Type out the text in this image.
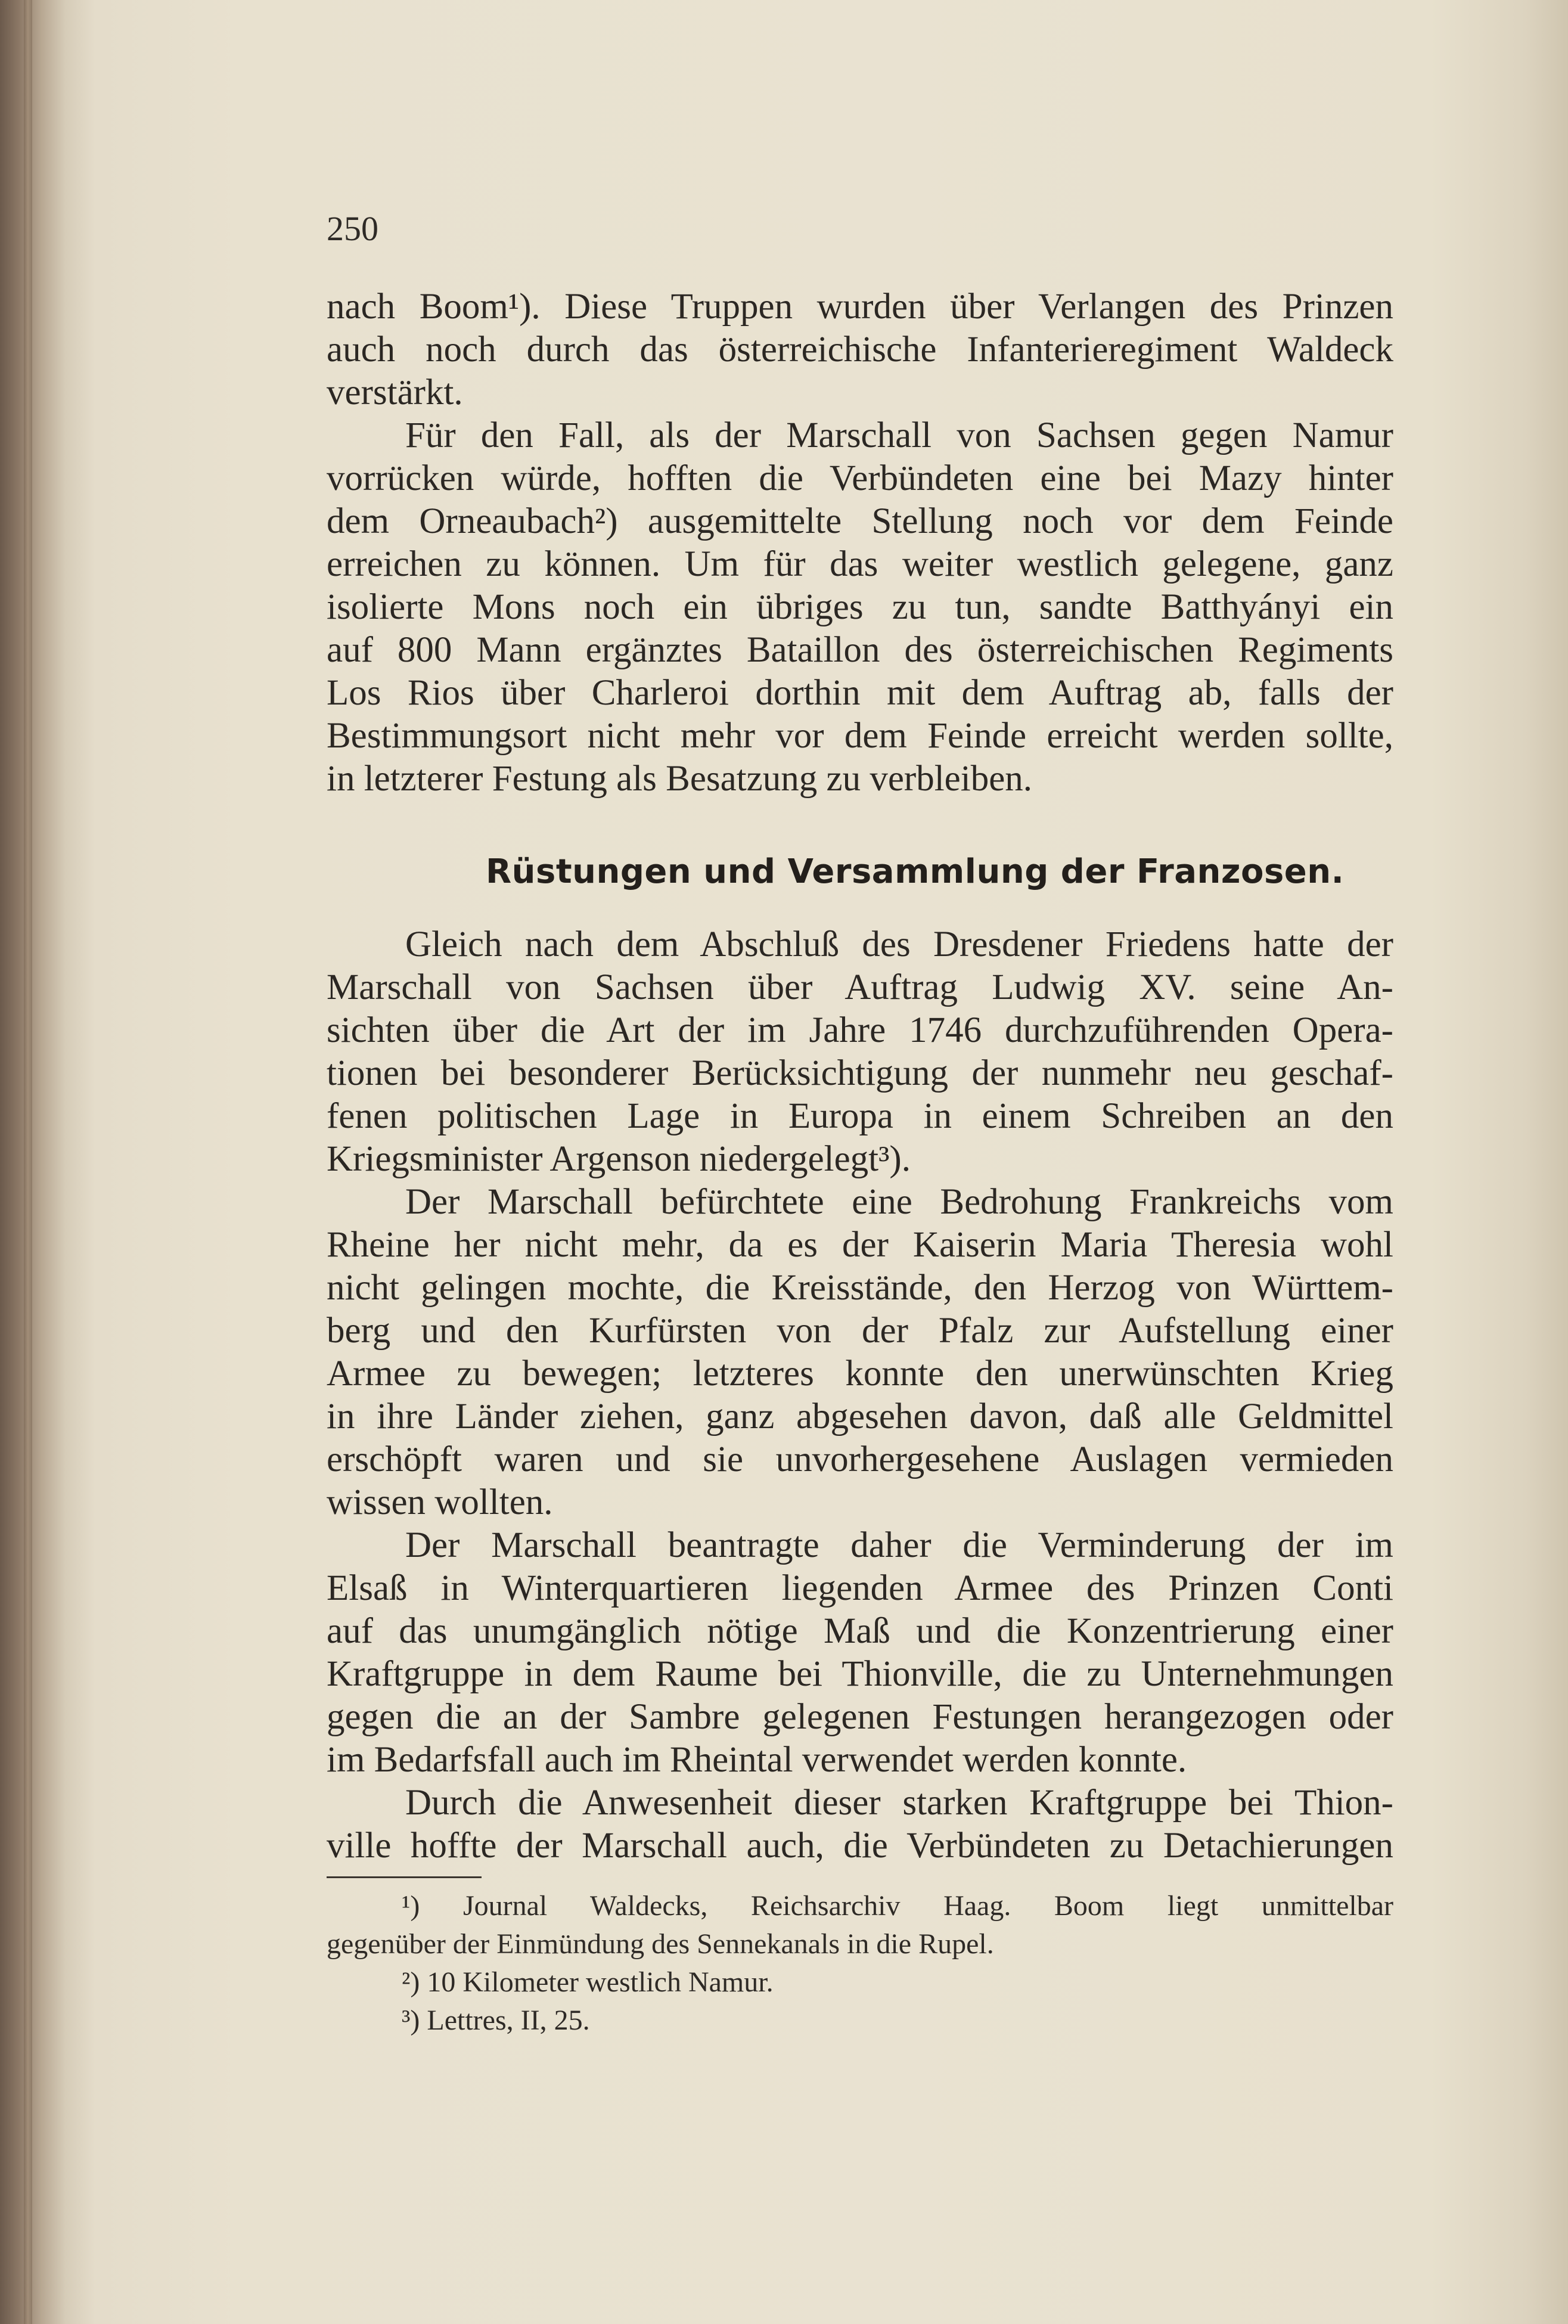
250
nach Boom¹). Diese Truppen wurden über Verlangen des Prinzen
auch noch durch das österreichische Infanterieregiment Waldeck
verstärkt.
Für den Fall, als der Marschall von Sachsen gegen Namur
vorrücken würde, hofften die Verbündeten eine bei Mazy hinter
dem Orneaubach²) ausgemittelte Stellung noch vor dem Feinde
erreichen zu können. Um für das weiter westlich gelegene, ganz
isolierte Mons noch ein übriges zu tun, sandte Batthyányi ein
auf 800 Mann ergänztes Bataillon des österreichischen Regiments
Los Rios über Charleroi dorthin mit dem Auftrag ab, falls der
Bestimmungsort nicht mehr vor dem Feinde erreicht werden sollte,
in letzterer Festung als Besatzung zu verbleiben.
Rüstungen und Versammlung der Franzosen.
Gleich nach dem Abschluß des Dresdener Friedens hatte der
Marschall von Sachsen über Auftrag Ludwig XV. seine An-
sichten über die Art der im Jahre 1746 durchzuführenden Opera-
tionen bei besonderer Berücksichtigung der nunmehr neu geschaf-
fenen politischen Lage in Europa in einem Schreiben an den
Kriegsminister Argenson niedergelegt³).
Der Marschall befürchtete eine Bedrohung Frankreichs vom
Rheine her nicht mehr, da es der Kaiserin Maria Theresia wohl
nicht gelingen mochte, die Kreisstände, den Herzog von Württem-
berg und den Kurfürsten von der Pfalz zur Aufstellung einer
Armee zu bewegen; letzteres konnte den unerwünschten Krieg
in ihre Länder ziehen, ganz abgesehen davon, daß alle Geldmittel
erschöpft waren und sie unvorhergesehene Auslagen vermieden
wissen wollten.
Der Marschall beantragte daher die Verminderung der im
Elsaß in Winterquartieren liegenden Armee des Prinzen Conti
auf das unumgänglich nötige Maß und die Konzentrierung einer
Kraftgruppe in dem Raume bei Thionville, die zu Unternehmungen
gegen die an der Sambre gelegenen Festungen herangezogen oder
im Bedarfsfall auch im Rheintal verwendet werden konnte.
Durch die Anwesenheit dieser starken Kraftgruppe bei Thion-
ville hoffte der Marschall auch, die Verbündeten zu Detachierungen
¹) Journal Waldecks, Reichsarchiv Haag. Boom liegt unmittelbar
gegenüber der Einmündung des Sennekanals in die Rupel.
²) 10 Kilometer westlich Namur.
³) Lettres, II, 25.
